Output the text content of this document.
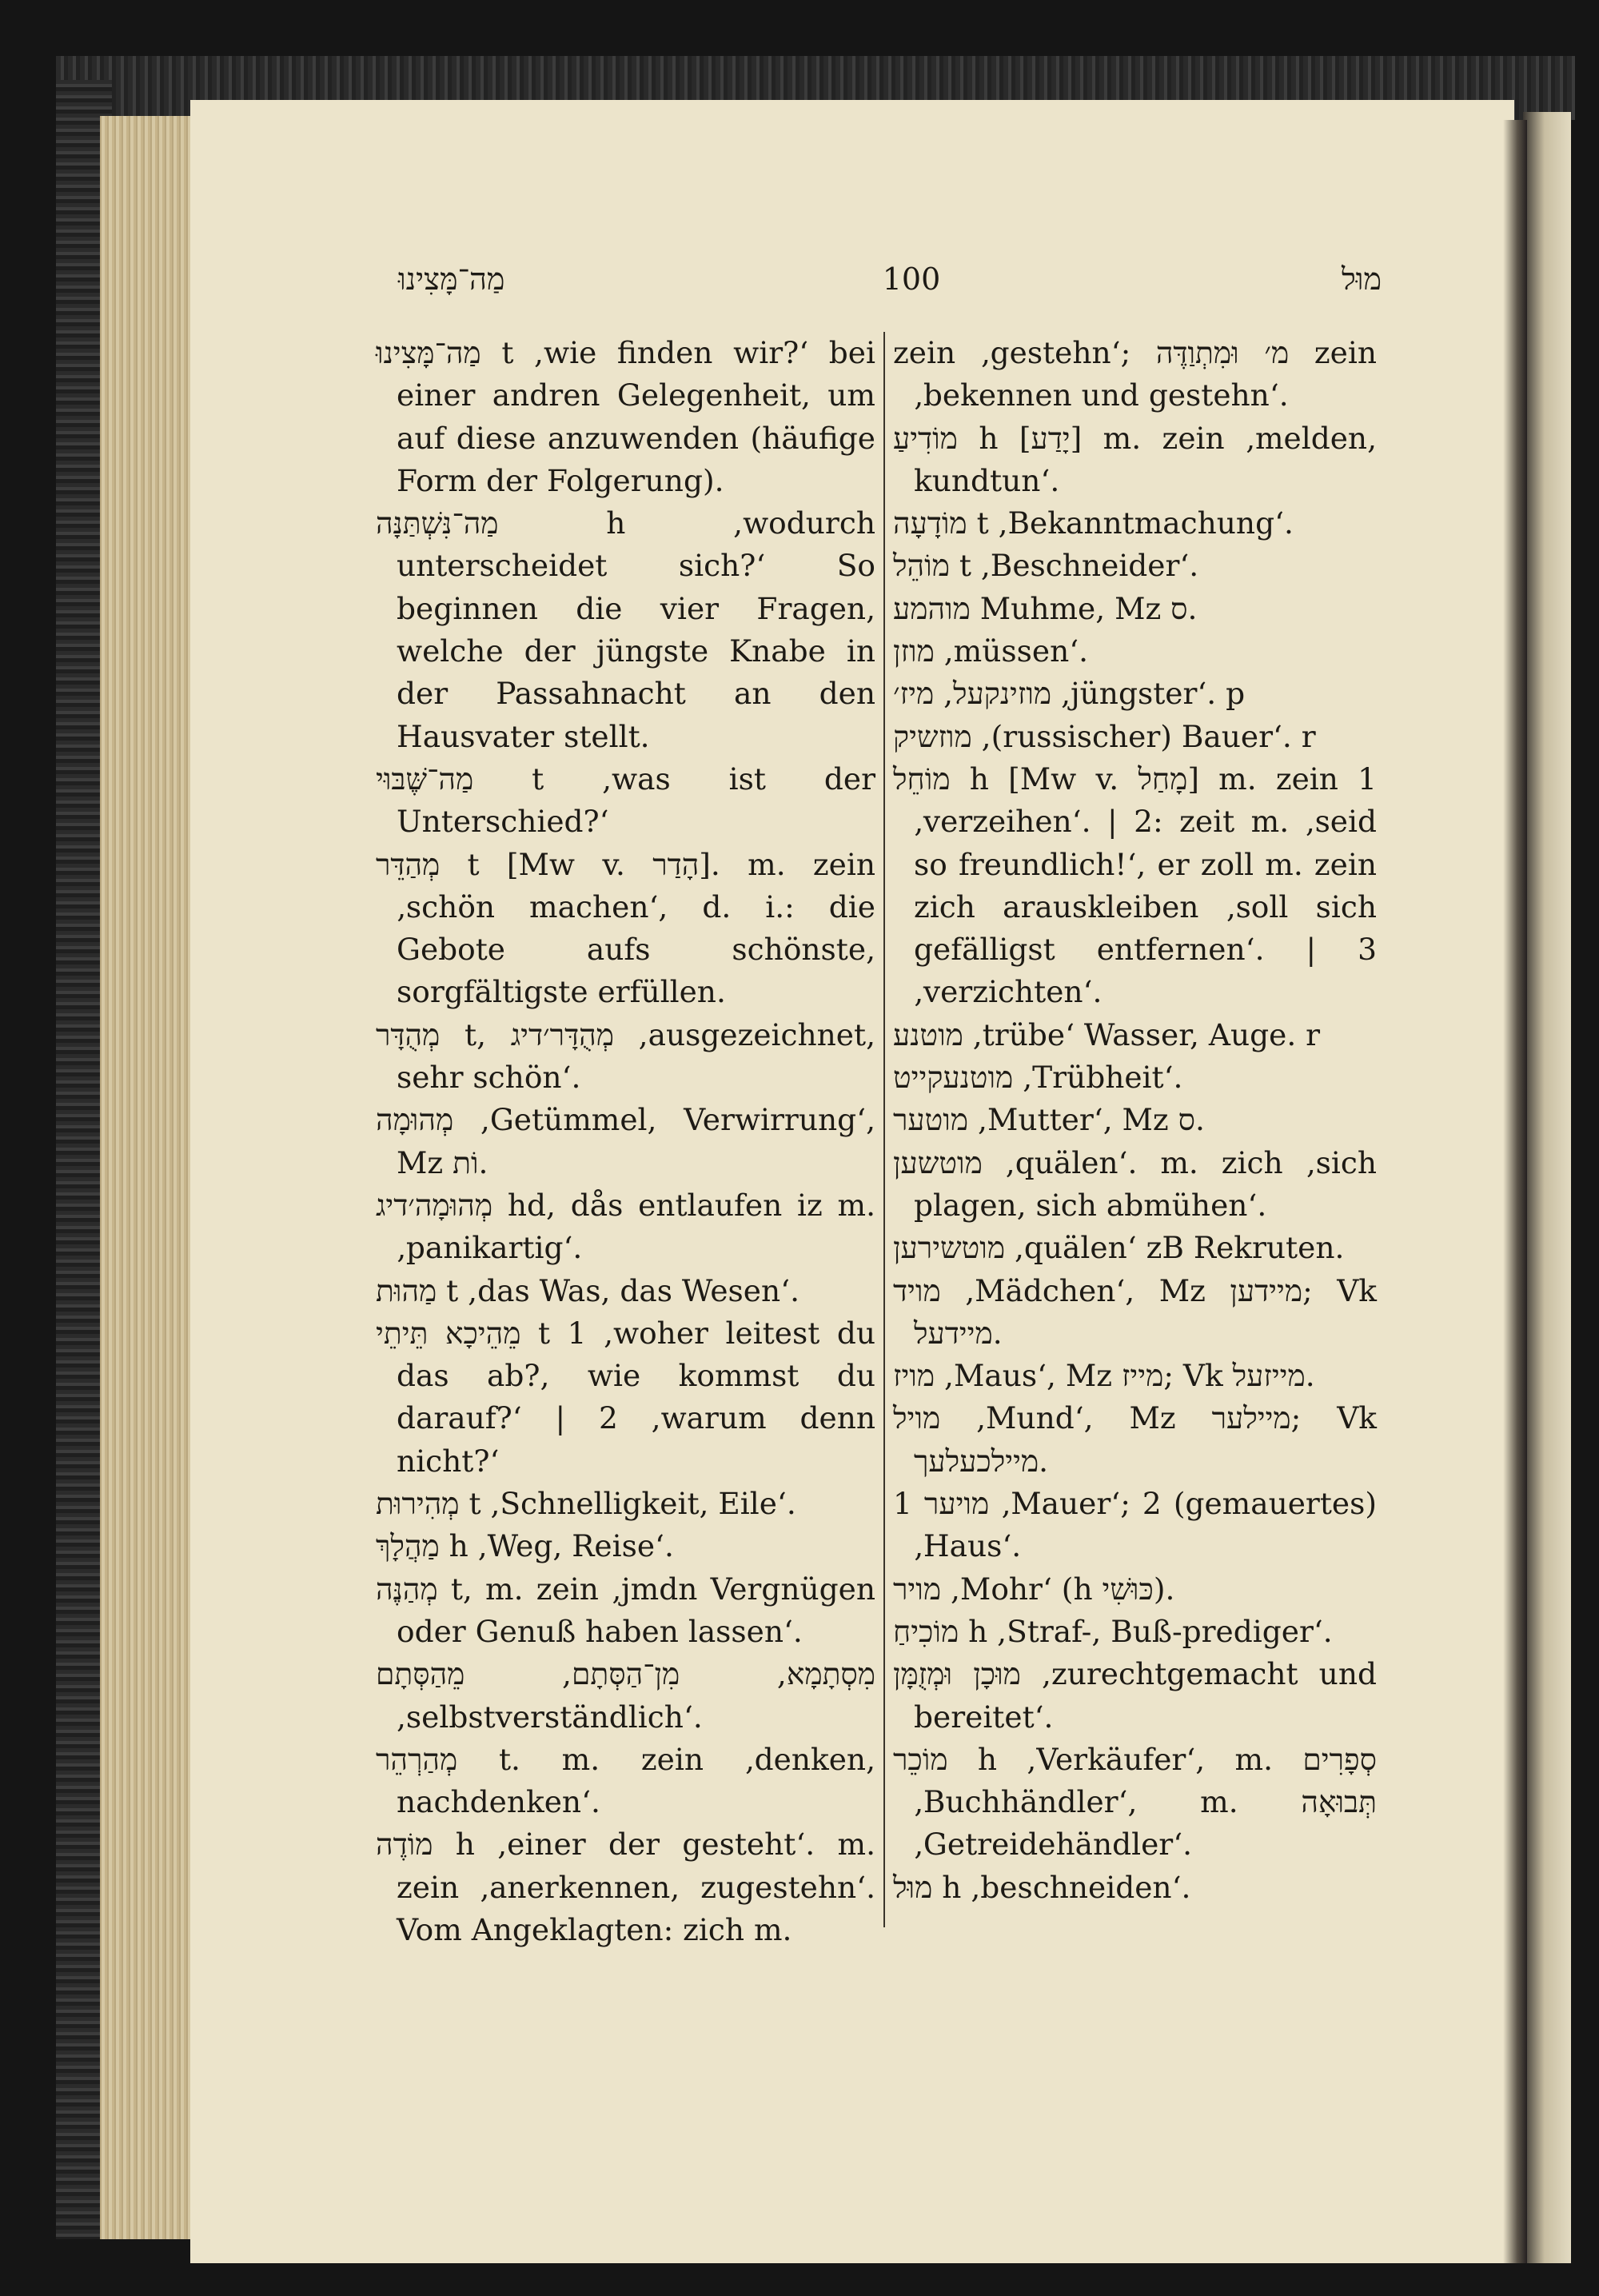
מַה־מָּצִינוּ	100	מוּל

מַה־מָּצִינוּ t ,wie finden wir?‘ bei einer andren Gelegenheit, um auf diese anzuwenden (häufige Form der Folgerung).

מַה־נִּשְׁתַּנָּה h ,wodurch unterscheidet sich?‘ So beginnen die vier Fragen, welche der jüngste Knabe in der Passahnacht an den Hausvater stellt.

מַה־שֶּׁבּוּי t ,was ist der Unterschied?‘

מְהַדֵּר t [Mw v. הָדַר]. m. zein ‚schön machen‘, d. i.: die Gebote aufs schönste, sorgfältigste erfüllen.

מְהֻדָּר t, מְהֻדָּר׳דיג ,ausgezeichnet, sehr schön‘.

מְהוּמָה ,Getümmel, Verwirrung‘, Mz וֹת.

מְהוּמָה׳דיג hd, dås entlaufen iz m. ‚panikartig‘.

מַהוּת t ,das Was, das Wesen‘.

מֵהֵיכָא תֵּיתֵי t 1 ,woher leitest du das ab?, wie kommst du darauf?‘ | 2 ,warum denn nicht?‘

מְהִירוּת t ,Schnelligkeit, Eile‘.

מַהֲלָךְ h ,Weg, Reise‘.

מְהַנֶּה t, m. zein ‚jmdn Vergnügen oder Genuß haben lassen‘.

מִסְתָמָא, מִן־הַסְּתָם, מֵהַסְּתָם ,selbstverständlich‘.

מְהַרְהֵר t. m. zein ‚denken, nachdenken‘.

מוֹדֶה h ,einer der gesteht‘. m. zein ‚anerkennen, zugestehn‘. Vom Angeklagten: zich m.

zein ‚gestehn‘; מ׳ וּמִתְוַדֶּה zein ‚bekennen und gestehn‘.

מוֹדִיעַ h [יָדַע] m. zein ‚melden, kundtun‘.

מוֹדָעָה t ,Bekanntmachung‘.

מוֹהֵל t ,Beschneider‘.

מוהמע Muhme, Mz ס.

מוזן ,müssen‘.

מוזינקעל, מיז׳ ,jüngster‘. p

מוזשיק ,(russischer) Bauer‘. r

מוֹחֵל h [Mw v. מָחַל] m. zein 1 ‚verzeihen‘. | 2: zeit m. ‚seid so freundlich!‘, er zoll m. zein zich arauskleiben ‚soll sich gefälligst entfernen‘. | 3 ‚verzichten‘.

מוטנע ,trübe‘ Wasser, Auge. r

מוטנעקייט ,Trübheit‘.

מוטער ,Mutter‘, Mz ס.

מוטשען ,quälen‘. m. zich ‚sich plagen, sich abmühen‘.

מוטשירען ,quälen‘ zB Rekruten.

מויד ,Mädchen‘, Mz מיידען; Vk מיידעל.

מויז ,Maus‘, Mz מייז; Vk מייזעל.

מויל ,Mund‘, Mz מיילער; Vk מיילכעלעך.

מויער 1 ‚Mauer‘; 2 (gemauertes) ‚Haus‘.

מויר ,Mohr‘ (h כּוּשִׁי).

מוֹכִיחַ h ,Straf-, Buß-prediger‘.

מוּכָן וּמְזֻמָּן ,zurechtgemacht und bereitet‘.

מוֹכֵר h ,Verkäufer‘, m. סְפָרִים ‚Buchhändler‘, m. תְּבוּאָה ‚Getreidehändler‘.

מוּל h ,beschneiden‘.
